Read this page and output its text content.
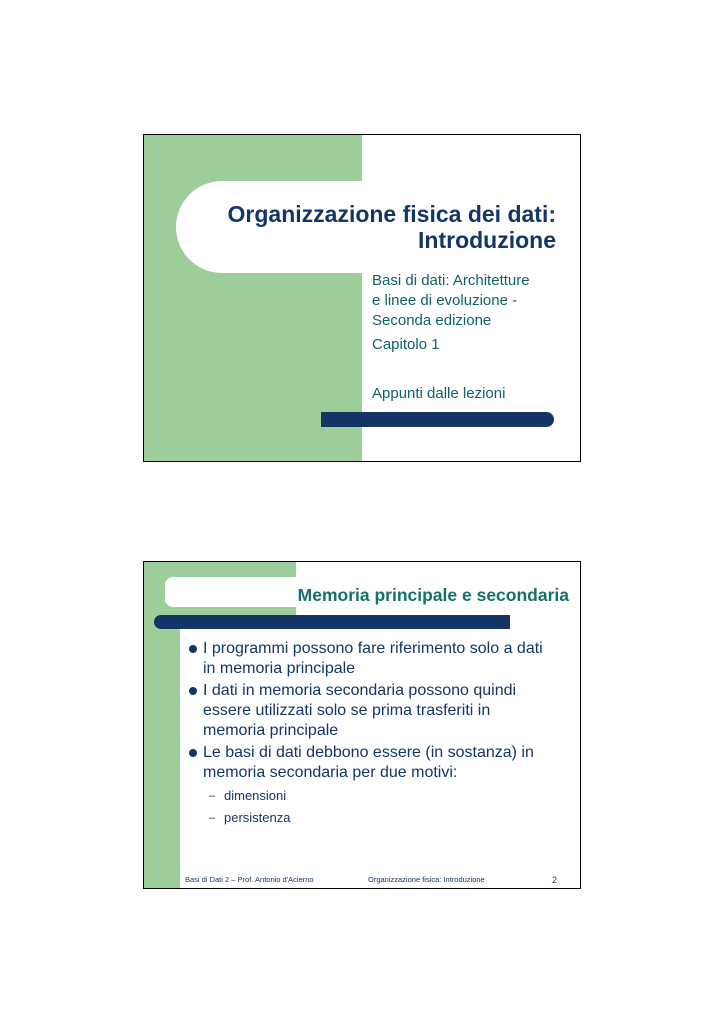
Organizzazione fisica dei dati:
Introduzione
Basi di dati: Architetture
e linee di evoluzione -
Seconda edizione
Capitolo 1
Appunti dalle lezioni
Memoria principale e secondaria
I programmi possono fare riferimento solo a dati
in memoria principale
I dati in memoria secondaria possono quindi
essere utilizzati solo se prima trasferiti in
memoria principale
Le basi di dati debbono essere (in sostanza) in
memoria secondaria per due motivi:
– dimensioni
– persistenza
Basi di Dati 2 – Prof. Antonio d'Acierno	Organizzazione fisica: Introduzione	2
